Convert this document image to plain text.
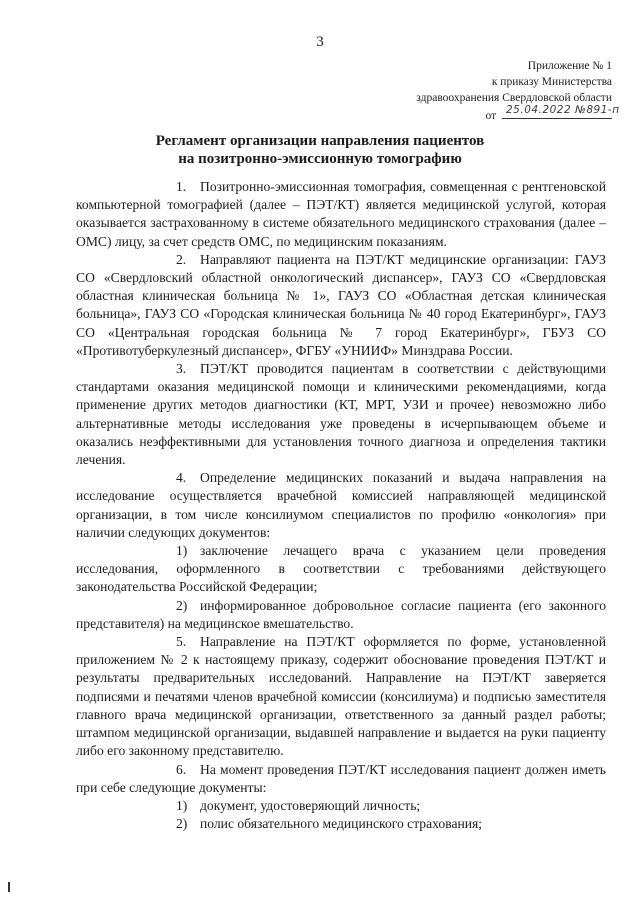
3
Приложение № 1
к приказу Министерства
здравоохранения Свердловской области
от 25.04.2022 №891-п
Регламент организации направления пациентов
на позитронно-эмиссионную томографию

1. Позитронно-эмиссионная томография, совмещенная с рентгеновской компьютерной томографией (далее – ПЭТ/КТ) является медицинской услугой, которая оказывается застрахованному в системе обязательного медицинского страхования (далее – ОМС) лицу, за счет средств ОМС, по медицинским показаниям.

2. Направляют пациента на ПЭТ/КТ медицинские организации: ГАУЗ СО «Свердловский областной онкологический диспансер», ГАУЗ СО «Свердловская областная клиническая больница № 1», ГАУЗ СО «Областная детская клиническая больница», ГАУЗ СО «Городская клиническая больница № 40 город Екатеринбург», ГАУЗ СО «Центральная городская больница № 7 город Екатеринбург», ГБУЗ СО «Противотуберкулезный диспансер», ФГБУ «УНИИФ» Минздрава России.

3. ПЭТ/КТ проводится пациентам в соответствии с действующими стандартами оказания медицинской помощи и клиническими рекомендациями, когда применение других методов диагностики (КТ, МРТ, УЗИ и прочее) невозможно либо альтернативные методы исследования уже проведены в исчерпывающем объеме и оказались неэффективными для установления точного диагноза и определения тактики лечения.

4. Определение медицинских показаний и выдача направления на исследование осуществляется врачебной комиссией направляющей медицинской организации, в том числе консилиумом специалистов по профилю «онкология» при наличии следующих документов:

1) заключение лечащего врача с указанием цели проведения исследования, оформленного в соответствии с требованиями действующего законодательства Российской Федерации;

2) информированное добровольное согласие пациента (его законного представителя) на медицинское вмешательство.

5. Направление на ПЭТ/КТ оформляется по форме, установленной приложением № 2 к настоящему приказу, содержит обоснование проведения ПЭТ/КТ и результаты предварительных исследований. Направление на ПЭТ/КТ заверяется подписями и печатями членов врачебной комиссии (консилиума) и подписью заместителя главного врача медицинской организации, ответственного за данный раздел работы; штампом медицинской организации, выдавшей направление и выдается на руки пациенту либо его законному представителю.

6. На момент проведения ПЭТ/КТ исследования пациент должен иметь при себе следующие документы:

1) документ, удостоверяющий личность;

2) полис обязательного медицинского страхования;
